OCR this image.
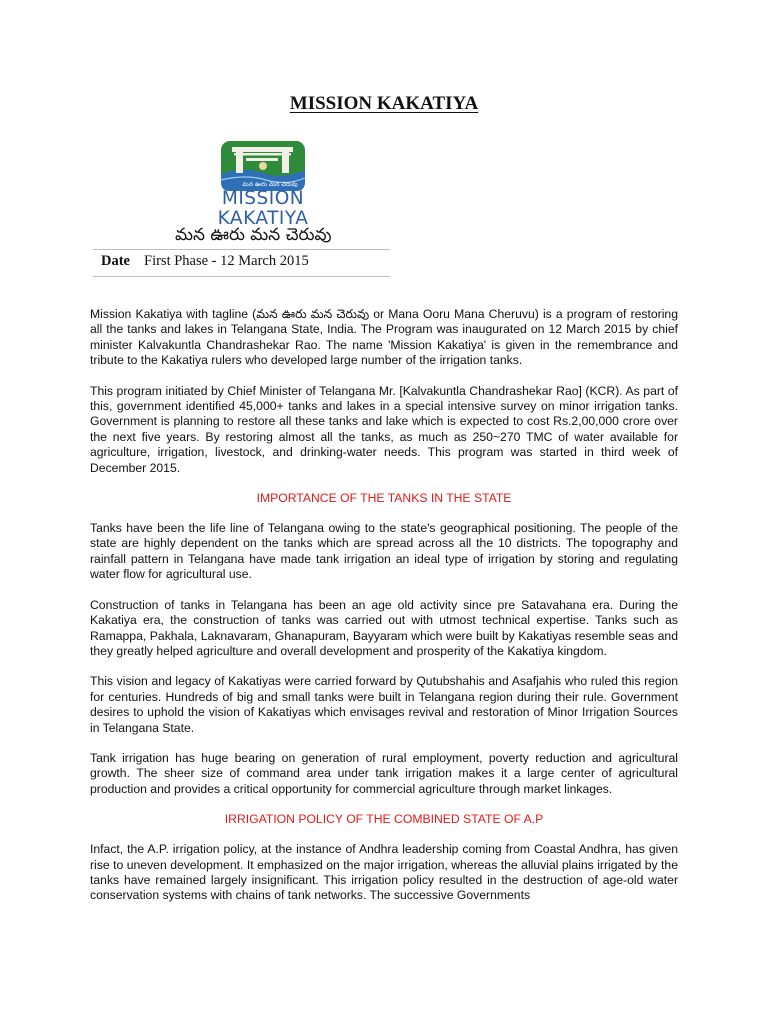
MISSION KAKATIYA
మన ఊరు మన చెరువు
MISSION
KAKATIYA
మన ఊరు మన చెరువు
Date First Phase - 12 March 2015

Mission Kakatiya with tagline (మన ఊరు మన చెరువు or Mana Ooru Mana Cheruvu) is a program of restoring all the tanks and lakes in Telangana State, India. The Program was inaugurated on 12 March 2015 by chief minister Kalvakuntla Chandrashekar Rao. The name 'Mission Kakatiya' is given in the remembrance and tribute to the Kakatiya rulers who developed large number of the irrigation tanks.

This program initiated by Chief Minister of Telangana Mr. [Kalvakuntla Chandrashekar Rao] (KCR). As part of this, government identified 45,000+ tanks and lakes in a special intensive survey on minor irrigation tanks. Government is planning to restore all these tanks and lake which is expected to cost Rs.2,00,000 crore over the next five years. By restoring almost all the tanks, as much as 250~270 TMC of water available for agriculture, irrigation, livestock, and drinking-water needs. This program was started in third week of December 2015.

IMPORTANCE OF THE TANKS IN THE STATE

Tanks have been the life line of Telangana owing to the state's geographical positioning. The people of the state are highly dependent on the tanks which are spread across all the 10 districts. The topography and rainfall pattern in Telangana have made tank irrigation an ideal type of irrigation by storing and regulating water flow for agricultural use.

Construction of tanks in Telangana has been an age old activity since pre Satavahana era. During the Kakatiya era, the construction of tanks was carried out with utmost technical expertise. Tanks such as Ramappa, Pakhala, Laknavaram, Ghanapuram, Bayyaram which were built by Kakatiyas resemble seas and they greatly helped agriculture and overall development and prosperity of the Kakatiya kingdom.

This vision and legacy of Kakatiyas were carried forward by Qutubshahis and Asafjahis who ruled this region for centuries. Hundreds of big and small tanks were built in Telangana region during their rule. Government desires to uphold the vision of Kakatiyas which envisages revival and restoration of Minor Irrigation Sources in Telangana State.

Tank irrigation has huge bearing on generation of rural employment, poverty reduction and agricultural growth. The sheer size of command area under tank irrigation makes it a large center of agricultural production and provides a critical opportunity for commercial agriculture through market linkages.

IRRIGATION POLICY OF THE COMBINED STATE OF A.P

Infact, the A.P. irrigation policy, at the instance of Andhra leadership coming from Coastal Andhra, has given rise to uneven development. It emphasized on the major irrigation, whereas the alluvial plains irrigated by the tanks have remained largely insignificant. This irrigation policy resulted in the destruction of age-old water conservation systems with chains of tank networks. The successive Governments
